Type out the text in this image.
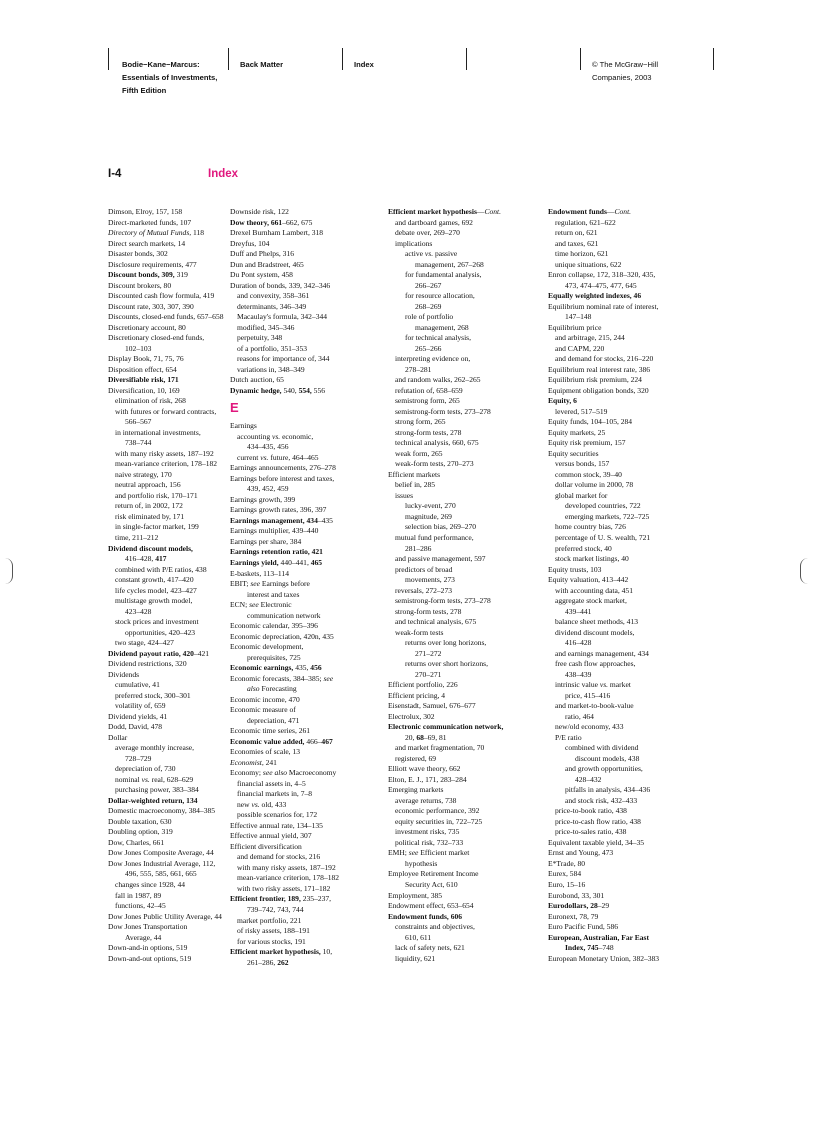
Bodie−Kane−Marcus:
Essentials of Investments,
Fifth Edition
Back Matter	Index	© The McGraw−Hill
Companies, 2003
I-4	Index
Dimson, Elroy, 157, 158
Direct-marketed funds, 107
Directory of Mutual Funds, 118
Direct search markets, 14
Disaster bonds, 302
Disclosure requirements, 477
Discount bonds, 309, 319
Discount brokers, 80
Discounted cash flow formula, 419
Discount rate, 303, 307, 390
Discounts, closed-end funds, 657–658
Discretionary account, 80
Discretionary closed-end funds,
102–103
Display Book, 71, 75, 76
Disposition effect, 654
Diversifiable risk, 171
Diversification, 10, 169
elimination of risk, 268
with futures or forward contracts,
566–567
in international investments,
738–744
with many risky assets, 187–192
mean-variance criterion, 178–182
naive strategy, 170
neutral approach, 156
and portfolio risk, 170–171
return of, in 2002, 172
risk eliminated by, 171
in single-factor market, 199
time, 211–212
Dividend discount models,
416–428, 417
combined with P/E ratios, 438
constant growth, 417–420
life cycles model, 423–427
multistage growth model,
423–428
stock prices and investment
opportunities, 420–423
two stage, 424–427
Dividend payout ratio, 420–421
Dividend restrictions, 320
Dividends
cumulative, 41
preferred stock, 300–301
volatility of, 659
Dividend yields, 41
Dodd, David, 478
Dollar
average monthly increase,
728–729
depreciation of, 730
nominal vs. real, 628–629
purchasing power, 383–384
Dollar-weighted return, 134
Domestic macroeconomy, 384–385
Double taxation, 630
Doubling option, 319
Dow, Charles, 661
Dow Jones Composite Average, 44
Dow Jones Industrial Average, 112,
496, 555, 585, 661, 665
changes since 1928, 44
fall in 1987, 89
functions, 42–45
Dow Jones Public Utility Average, 44
Dow Jones Transportation
Average, 44
Down-and-in options, 519
Down-and-out options, 519
Downside risk, 122
Dow theory, 661–662, 675
Drexel Burnham Lambert, 318
Dreyfus, 104
Duff and Phelps, 316
Dun and Bradstreet, 465
Du Pont system, 458
Duration of bonds, 339, 342–346
and convexity, 358–361
determinants, 346–349
Macaulay's formula, 342–344
modified, 345–346
perpetuity, 348
of a portfolio, 351–353
reasons for importance of, 344
variations in, 348–349
Dutch auction, 65
Dynamic hedge, 540, 554, 556
E
Earnings
accounting vs. economic,
434–435, 456
current vs. future, 464–465
Earnings announcements, 276–278
Earnings before interest and taxes,
439, 452, 459
Earnings growth, 399
Earnings growth rates, 396, 397
Earnings management, 434–435
Earnings multiplier, 439–440
Earnings per share, 384
Earnings retention ratio, 421
Earnings yield, 440–441, 465
E-baskets, 113–114
EBIT; see Earnings before
interest and taxes
ECN; see Electronic
communication network
Economic calendar, 395–396
Economic depreciation, 420n, 435
Economic development,
prerequisites, 725
Economic earnings, 435, 456
Economic forecasts, 384–385; see
also Forecasting
Economic income, 470
Economic measure of
depreciation, 471
Economic time series, 261
Economic value added, 466–467
Economies of scale, 13
Economist, 241
Economy; see also Macroeconomy
financial assets in, 4–5
financial markets in, 7–8
new vs. old, 433
possible scenarios for, 172
Effective annual rate, 134–135
Effective annual yield, 307
Efficient diversification
and demand for stocks, 216
with many risky assets, 187–192
mean-variance criterion, 178–182
with two risky assets, 171–182
Efficient frontier, 189, 235–237,
739–742, 743, 744
market portfolio, 221
of risky assets, 188–191
for various stocks, 191
Efficient market hypothesis, 10,
261–286, 262
Efficient market hypothesis—Cont.
and dartboard games, 692
debate over, 269–270
implications
active vs. passive
management, 267–268
for fundamental analysis,
266–267
for resource allocation,
268–269
role of portfolio
management, 268
for technical analysis,
265–266
interpreting evidence on,
278–281
and random walks, 262–265
refutation of, 658–659
semistrong form, 265
semistrong-form tests, 273–278
strong form, 265
strong-form tests, 278
technical analysis, 660, 675
weak form, 265
weak-form tests, 270–273
Efficient markets
belief in, 285
issues
lucky-event, 270
magnitude, 269
selection bias, 269–270
mutual fund performance,
281–286
and passive management, 597
predictors of broad
movements, 273
reversals, 272–273
semistrong-form tests, 273–278
strong-form tests, 278
and technical analysis, 675
weak-form tests
returns over long horizons,
271–272
returns over short horizons,
270–271
Efficient portfolio, 226
Efficient pricing, 4
Eisenstadt, Samuel, 676–677
Electrolux, 302
Electronic communication network,
20, 68–69, 81
and market fragmentation, 70
registered, 69
Elliott wave theory, 662
Elton, E. J., 171, 283–284
Emerging markets
average returns, 738
economic performance, 392
equity securities in, 722–725
investment risks, 735
political risk, 732–733
EMH; see Efficient market
hypothesis
Employee Retirement Income
Security Act, 610
Employment, 385
Endowment effect, 653–654
Endowment funds, 606
constraints and objectives,
610, 611
lack of safety nets, 621
liquidity, 621
Endowment funds—Cont.
regulation, 621–622
return on, 621
and taxes, 621
time horizon, 621
unique situations, 622
Enron collapse, 172, 318–320, 435,
473, 474–475, 477, 645
Equally weighted indexes, 46
Equilibrium nominal rate of interest,
147–148
Equilibrium price
and arbitrage, 215, 244
and CAPM, 220
and demand for stocks, 216–220
Equilibrium real interest rate, 386
Equilibrium risk premium, 224
Equipment obligation bonds, 320
Equity, 6
levered, 517–519
Equity funds, 104–105, 284
Equity markets, 25
Equity risk premium, 157
Equity securities
versus bonds, 157
common stock, 39–40
dollar volume in 2000, 78
global market for
developed countries, 722
emerging markets, 722–725
home country bias, 726
percentage of U. S. wealth, 721
preferred stock, 40
stock market listings, 40
Equity trusts, 103
Equity valuation, 413–442
with accounting data, 451
aggregate stock market,
439–441
balance sheet methods, 413
dividend discount models,
416–428
and earnings management, 434
free cash flow approaches,
438–439
intrinsic value vs. market
price, 415–416
and market-to-book-value
ratio, 464
new/old economy, 433
P/E ratio
combined with dividend
discount models, 438
and growth opportunities,
428–432
pitfalls in analysis, 434–436
and stock risk, 432–433
price-to-book ratio, 438
price-to-cash flow ratio, 438
price-to-sales ratio, 438
Equivalent taxable yield, 34–35
Ernst and Young, 473
E*Trade, 80
Eurex, 584
Euro, 15–16
Eurobond, 33, 301
Eurodollars, 28–29
Euronext, 78, 79
Euro Pacific Fund, 586
European, Australian, Far East
Index, 745–748
European Monetary Union, 382–383
